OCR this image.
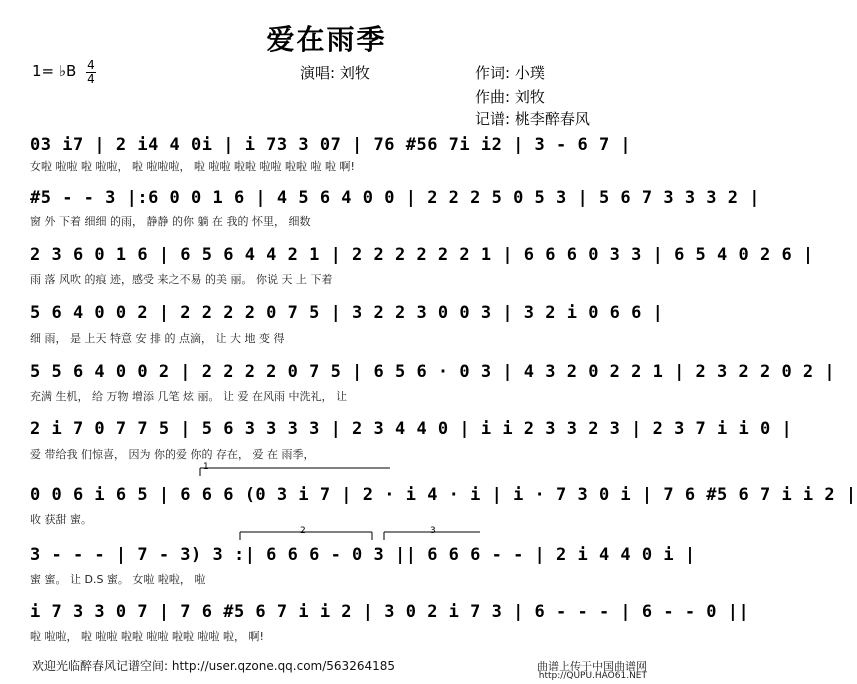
爱在雨季
1= ♭B 4
4	演唱: 刘牧	作词: 小璞
作曲: 刘牧
记谱: 桃李醉春风
03 i7 | 2 i4 4 0i | i 73 3 07 | 76 #56 7i i2 | 3 - 6 7 |
女啦 啦啦 啦 啦啦， 啦 啦啦啦， 啦 啦啦 啦啦 啦啦 啦啦 啦 啦 啊!
#5 - - 3 |:6 0 0 1 6 | 4 5 6 4 0 0 | 2 2 2 5 0 5 3 | 5 6 7 3 3 3 2 |
窗 外 下着 细细 的雨， 静静 的你 躺 在 我的 怀里， 细数
2 3 6 0 1 6 | 6 5 6 4 4 2 1 | 2 2 2 2 2 2 1 | 6 6 6 0 3 3 | 6 5 4 0 2 6 |
雨 落 风吹 的痕 迹，感受 来之不易 的美 丽。 你说 天 上 下着
5 6 4 0 0 2 | 2 2 2 2 0 7 5 | 3 2 2 3 0 0 3 | 3 2 i 0 6 6 |
细 雨， 是 上天 特意 安 排 的 点滴， 让 大 地 变 得
5 5 6 4 0 0 2 | 2 2 2 2 0 7 5 | 6 5 6 · 0 3 | 4 3 2 0 2 2 1 | 2 3 2 2 0 2 |
充满 生机， 给 万物 增添 几笔 炫 丽。 让 爱 在风雨 中洗礼， 让
2 i 7 0 7 7 5 | 5 6 3 3 3 3 | 2 3 4 4 0 | i i 2 3 3 2 3 | 2 3 7 i i 0 |
爱 带给我 们惊喜， 因为 你的爱 你的 存在， 爱 在 雨季，
0 0 6 i 6 5 | 6 6 6 (0 3 i 7 | 2 · i 4 · i | i · 7 3 0 i | 7 6 #5 6 7 i i 2 |
收 获甜 蜜。
3 - - - | 7 - 3) 3 :| 6 6 6 - 0 3 || 6 6 6 - - | 2 i 4 4 0 i |
蜜 蜜。 让 D.S 蜜。 女啦 啦啦， 啦
i 7 3 3 0 7 | 7 6 #5 6 7 i i 2 | 3 0 2 i 7 3 | 6 - - - | 6 - - 0 ||
啦 啦啦， 啦 啦啦 啦啦 啦啦 啦啦 啦啦 啦， 啊!
1
2	3
欢迎光临醉春风记谱空间: http://user.qzone.qq.com/563264185	曲谱上传于中国曲谱网
http://QUPU.HAO61.NET
